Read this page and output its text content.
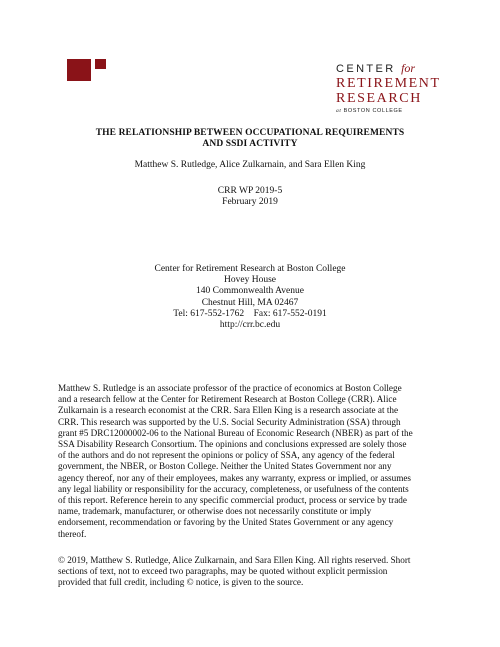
CENTER for
RETIREMENT
RESEARCH
at BOSTON COLLEGE
THE RELATIONSHIP BETWEEN OCCUPATIONAL REQUIREMENTS
AND SSDI ACTIVITY
Matthew S. Rutledge, Alice Zulkarnain, and Sara Ellen King
CRR WP 2019-5
February 2019
Center for Retirement Research at Boston College
Hovey House
140 Commonwealth Avenue
Chestnut Hill, MA 02467
Tel: 617-552-1762    Fax: 617-552-0191
http://crr.bc.edu

Matthew S. Rutledge is an associate professor of the practice of economics at Boston College
and a research fellow at the Center for Retirement Research at Boston College (CRR). Alice
Zulkarnain is a research economist at the CRR. Sara Ellen King is a research associate at the
CRR. This research was supported by the U.S. Social Security Administration (SSA) through
grant #5 DRC12000002-06 to the National Bureau of Economic Research (NBER) as part of the
SSA Disability Research Consortium. The opinions and conclusions expressed are solely those
of the authors and do not represent the opinions or policy of SSA, any agency of the federal
government, the NBER, or Boston College. Neither the United States Government nor any
agency thereof, nor any of their employees, makes any warranty, express or implied, or assumes
any legal liability or responsibility for the accuracy, completeness, or usefulness of the contents
of this report. Reference herein to any specific commercial product, process or service by trade
name, trademark, manufacturer, or otherwise does not necessarily constitute or imply
endorsement, recommendation or favoring by the United States Government or any agency
thereof.

© 2019, Matthew S. Rutledge, Alice Zulkarnain, and Sara Ellen King. All rights reserved. Short
sections of text, not to exceed two paragraphs, may be quoted without explicit permission
provided that full credit, including © notice, is given to the source.
